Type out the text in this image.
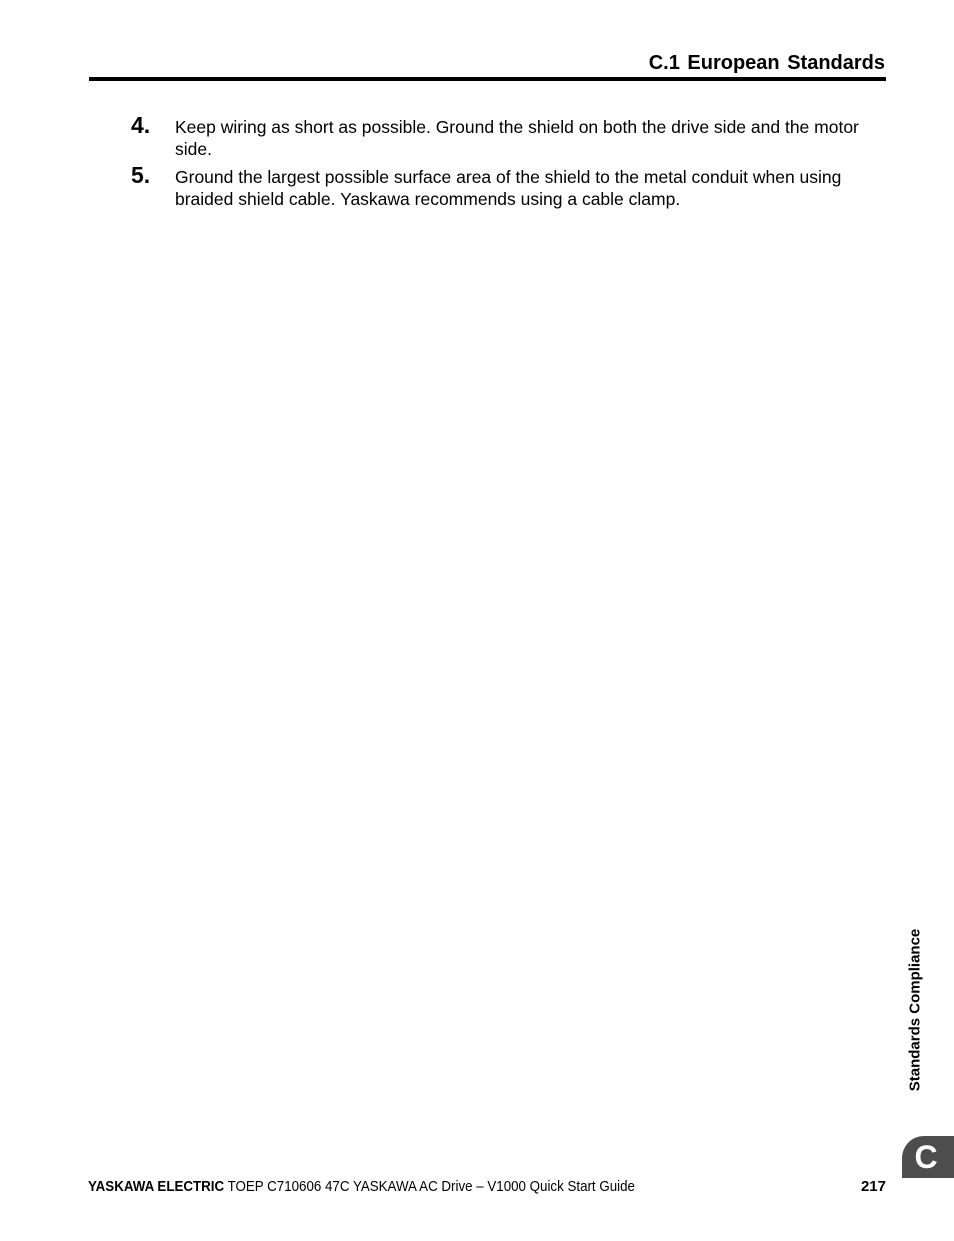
C.1 European Standards
4. Keep wiring as short as possible. Ground the shield on both the drive side and the motor side.
5. Ground the largest possible surface area of the shield to the metal conduit when using braided shield cable. Yaskawa recommends using a cable clamp.
Standards Compliance
C
YASKAWA ELECTRIC TOEP C710606 47C YASKAWA AC Drive – V1000 Quick Start Guide	217
